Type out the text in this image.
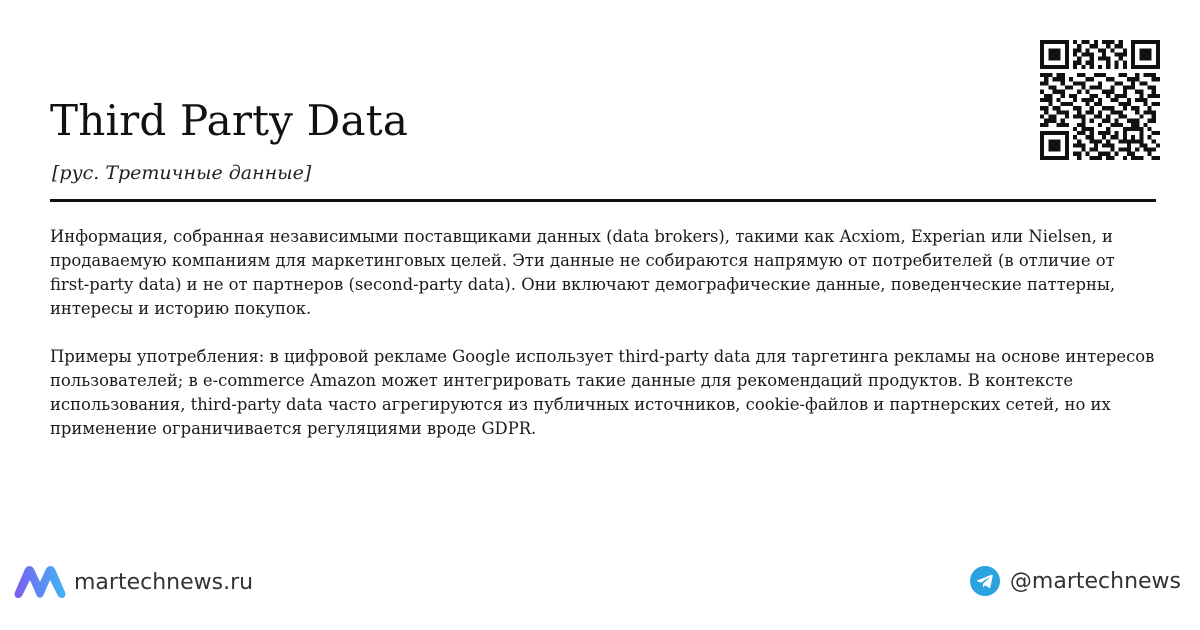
Third Party Data
[рус. Третичные данные]

Информация, собранная независимыми поставщиками данных (data brokers), такими как Acxiom, Experian или Nielsen, и продаваемую компаниям для маркетинговых целей. Эти данные не собираются напрямую от потребителей (в отличие от first-party data) и не от партнеров (second-party data). Они включают демографические данные, поведенческие паттерны, интересы и историю покупок.

Примеры употребления: в цифровой рекламе Google использует third-party data для таргетинга рекламы на основе интересов пользователей; в e-commerce Amazon может интегрировать такие данные для рекомендаций продуктов. В контексте использования, third-party data часто агрегируются из публичных источников, cookie-файлов и партнерских сетей, но их применение ограничивается регуляциями вроде GDPR.

martechnews.ru	@martechnews
